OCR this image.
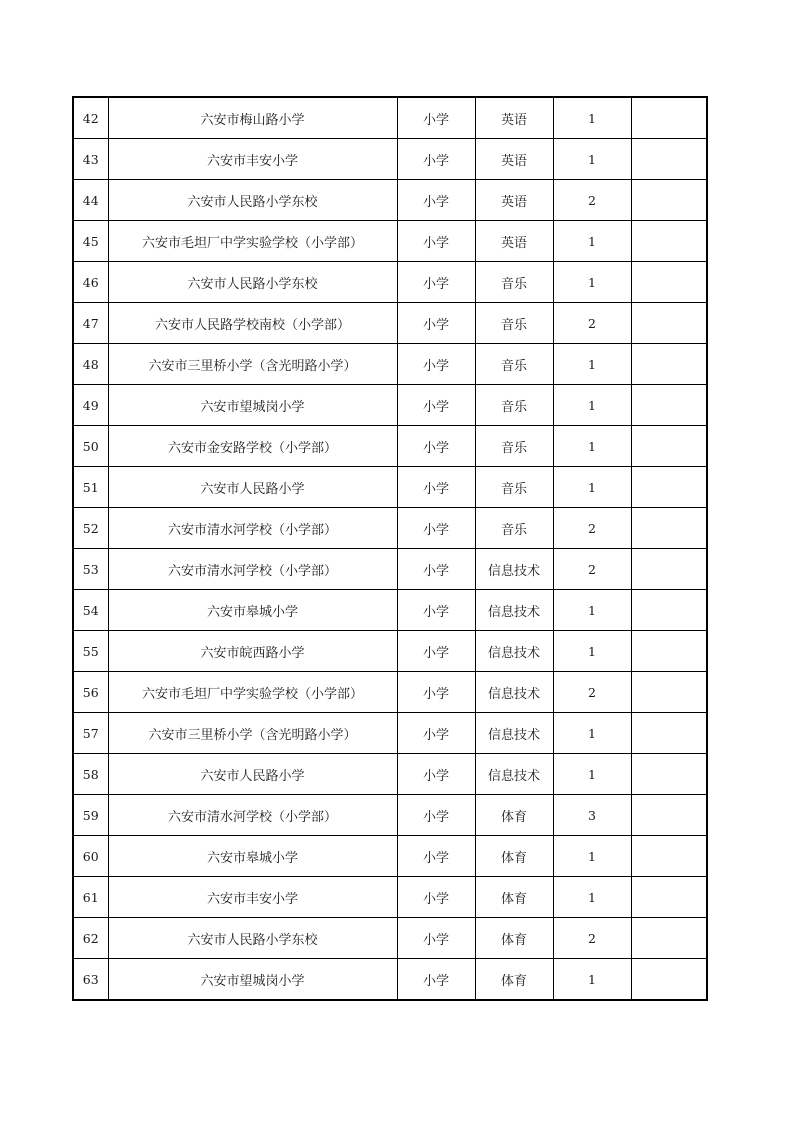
42	六安市梅山路小学	小学	英语	1	
43	六安市丰安小学	小学	英语	1	
44	六安市人民路小学东校	小学	英语	2	
45	六安市毛坦厂中学实验学校（小学部）	小学	英语	1	
46	六安市人民路小学东校	小学	音乐	1	
47	六安市人民路学校南校（小学部）	小学	音乐	2	
48	六安市三里桥小学（含光明路小学）	小学	音乐	1	
49	六安市望城岗小学	小学	音乐	1	
50	六安市金安路学校（小学部）	小学	音乐	1	
51	六安市人民路小学	小学	音乐	1	
52	六安市清水河学校（小学部）	小学	音乐	2	
53	六安市清水河学校（小学部）	小学	信息技术	2	
54	六安市皋城小学	小学	信息技术	1	
55	六安市皖西路小学	小学	信息技术	1	
56	六安市毛坦厂中学实验学校（小学部）	小学	信息技术	2	
57	六安市三里桥小学（含光明路小学）	小学	信息技术	1	
58	六安市人民路小学	小学	信息技术	1	
59	六安市清水河学校（小学部）	小学	体育	3	
60	六安市皋城小学	小学	体育	1	
61	六安市丰安小学	小学	体育	1	
62	六安市人民路小学东校	小学	体育	2	
63	六安市望城岗小学	小学	体育	1	
